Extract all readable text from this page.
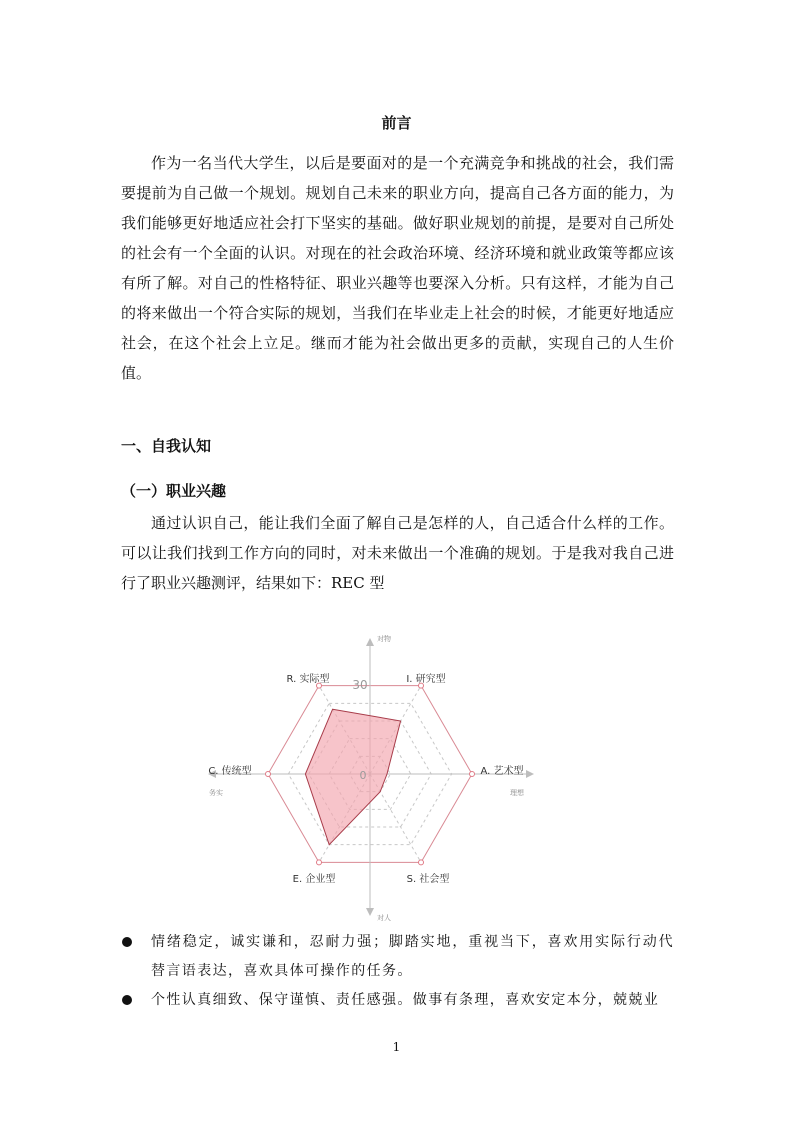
前言

作为一名当代大学生，以后是要面对的是一个充满竞争和挑战的社会，我们需要提前为自己做一个规划。规划自己未来的职业方向，提高自己各方面的能力，为我们能够更好地适应社会打下坚实的基础。做好职业规划的前提，是要对自己所处的社会有一个全面的认识。对现在的社会政治环境、经济环境和就业政策等都应该有所了解。对自己的性格特征、职业兴趣等也要深入分析。只有这样，才能为自己的将来做出一个符合实际的规划，当我们在毕业走上社会的时候，才能更好地适应社会，在这个社会上立足。继而才能为社会做出更多的贡献，实现自己的人生价值。

一、自我认知

（一）职业兴趣

通过认识自己，能让我们全面了解自己是怎样的人，自己适合什么样的工作。可以让我们找到工作方向的同时，对未来做出一个准确的规划。于是我对我自己进行了职业兴趣测评，结果如下：REC 型

R. 实际型	I. 研究型
A. 艺术型
S. 社会型
E. 企业型
C. 传统型
30
0
对物
对人
务实	理想
情绪稳定，诚实谦和，忍耐力强；脚踏实地，重视当下，喜欢用实际行动代替言语表达，喜欢具体可操作的任务。
个性认真细致、保守谨慎、责任感强。做事有条理，喜欢安定本分，兢兢业
1
